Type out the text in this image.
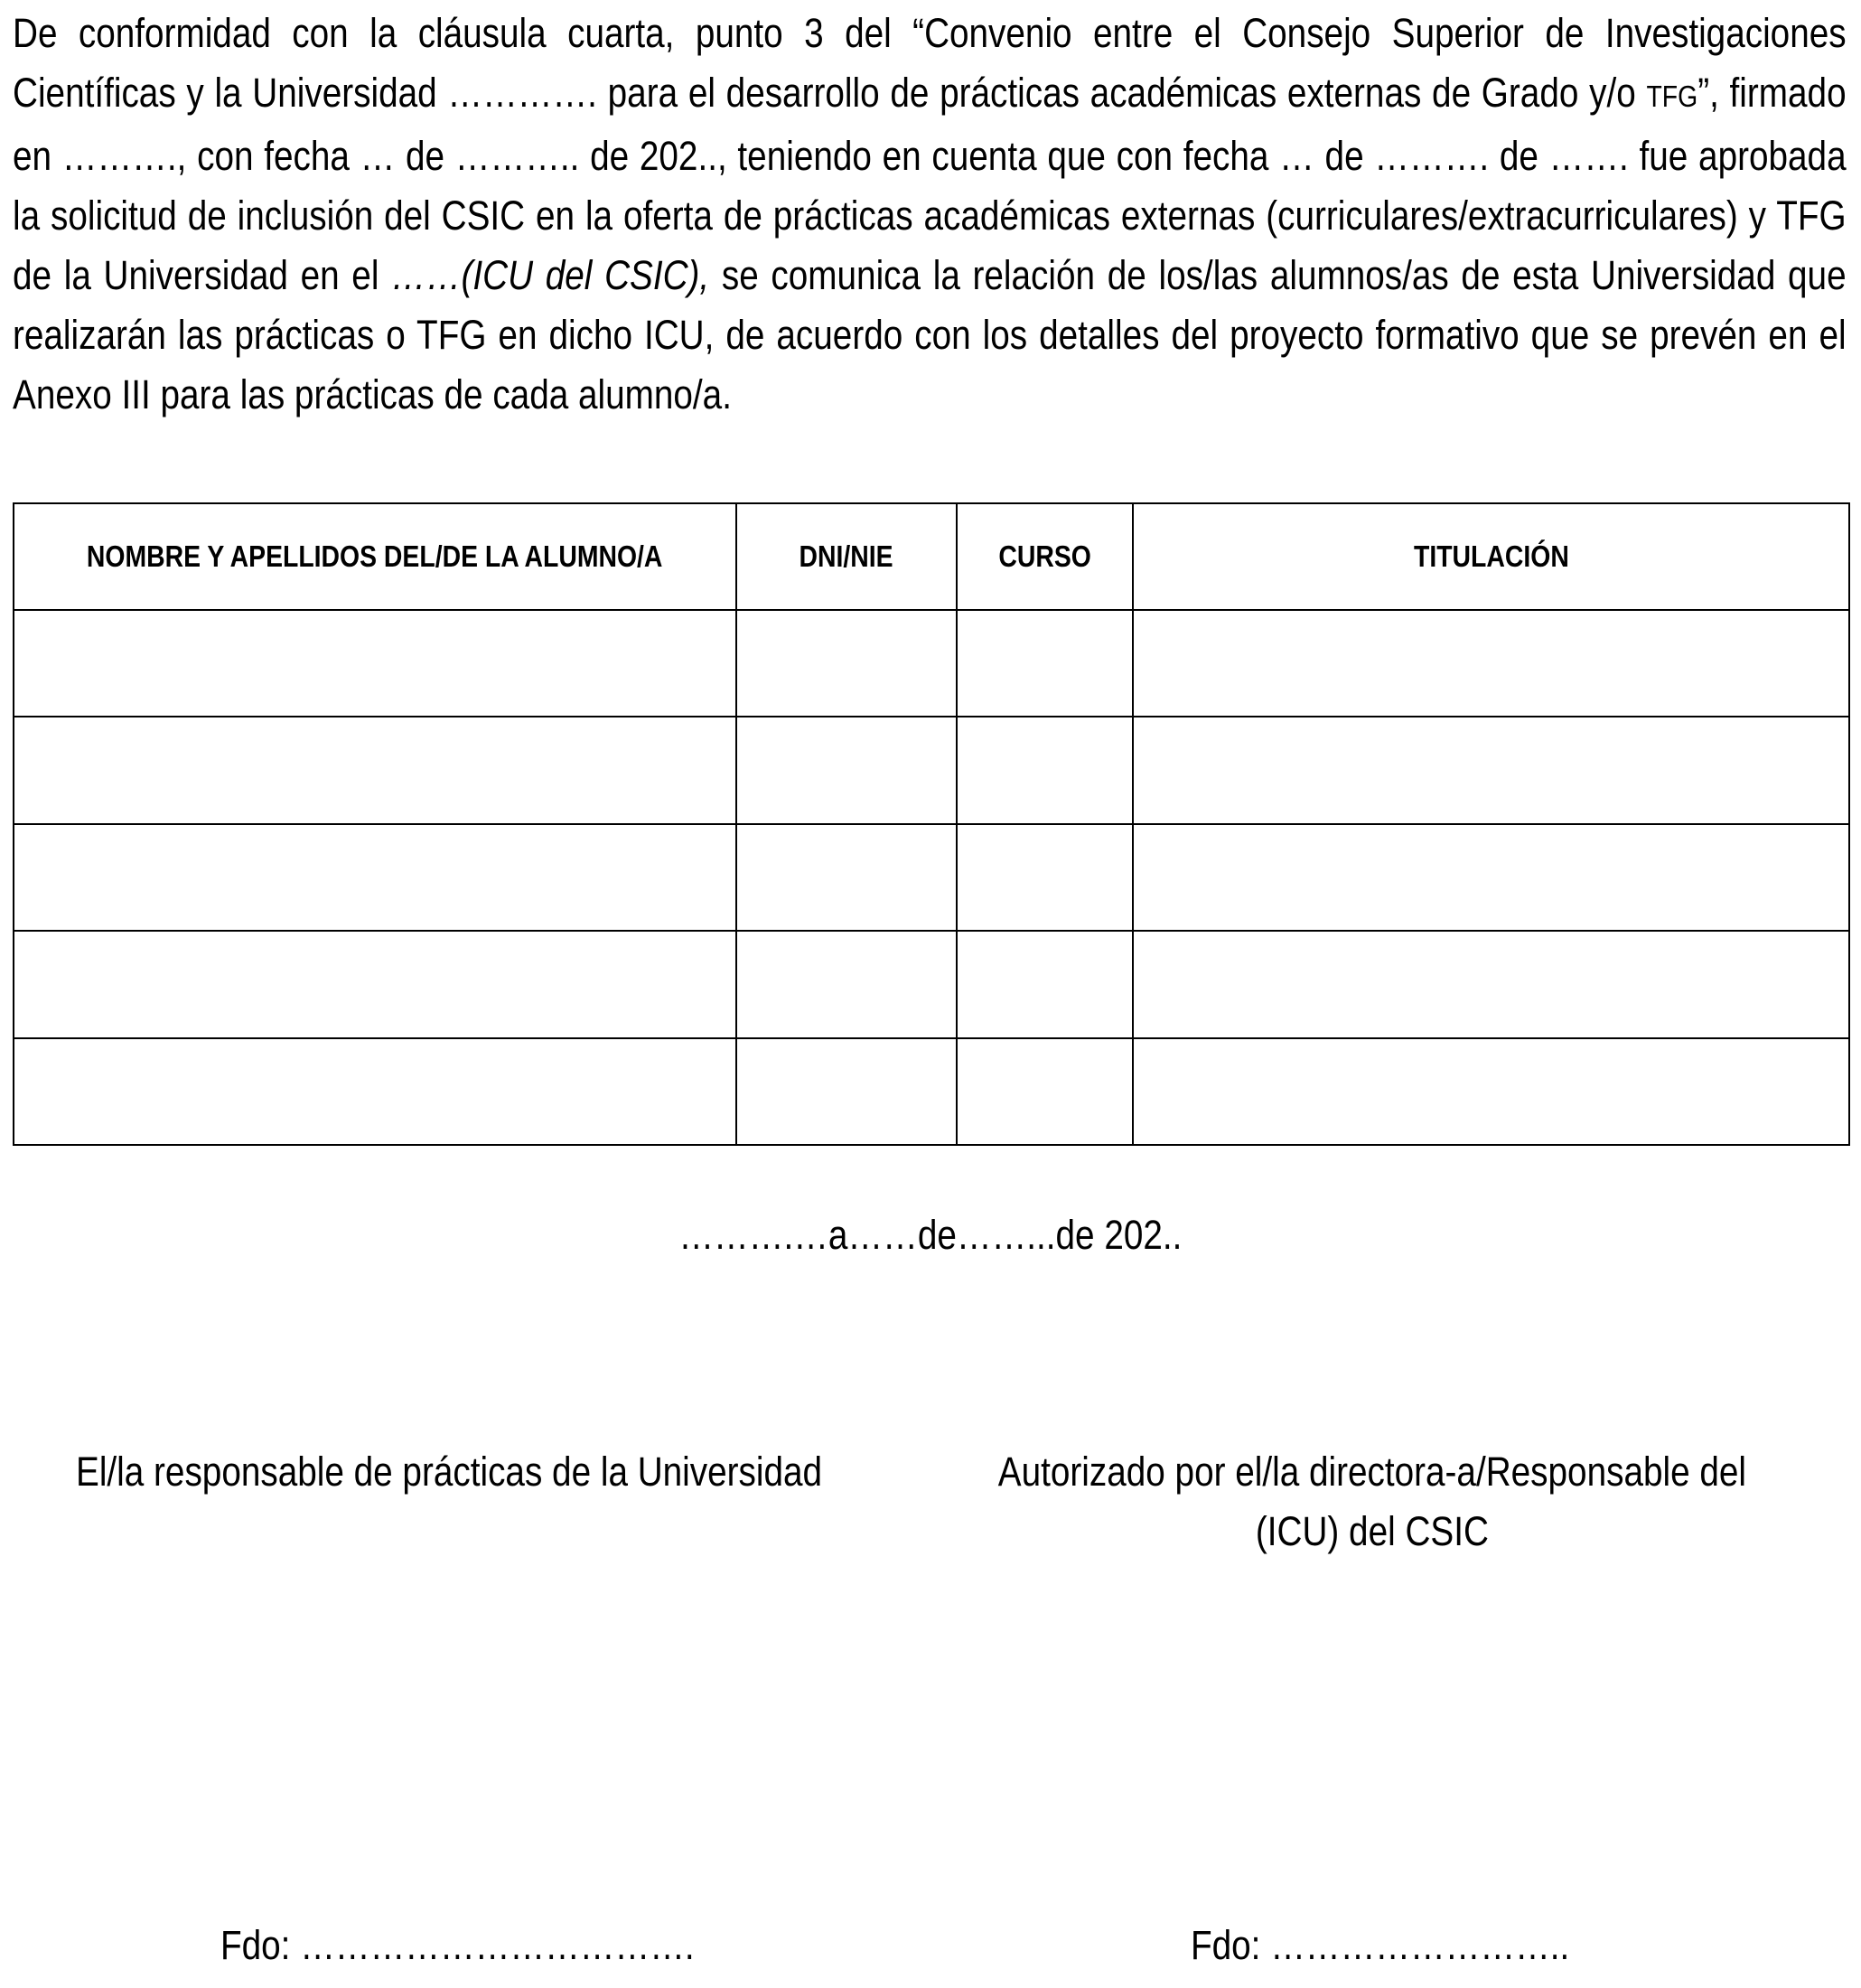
De conformidad con la cláusula cuarta, punto 3 del “Convenio entre el Consejo Superior de Investigaciones Científicas y la Universidad …………. para el desarrollo de prácticas académicas externas de Grado y/o TFG”, firmado en ………., con fecha … de ……….. de 202.., teniendo en cuenta que con fecha … de ………. de ……. fue aprobada la solicitud de inclusión del CSIC en la oferta de prácticas académicas externas (curriculares/extracurriculares) y TFG de la Universidad en el ……(ICU del CSIC), se comunica la relación de los/las alumnos/as de esta Universidad que realizarán las prácticas o TFG en dicho ICU, de acuerdo con los detalles del proyecto formativo que se prevén en el Anexo III para las prácticas de cada alumno/a.
NOMBRE Y APELLIDOS DEL/DE LA ALUMNO/A	DNI/NIE	CURSO	TITULACIÓN

……….…a……de……...de 202..
El/la responsable de prácticas de la Universidad	Autorizado por el/la directora-a/Responsable del (ICU) del CSIC
Fdo: …………………………….	Fdo: ……………………..
